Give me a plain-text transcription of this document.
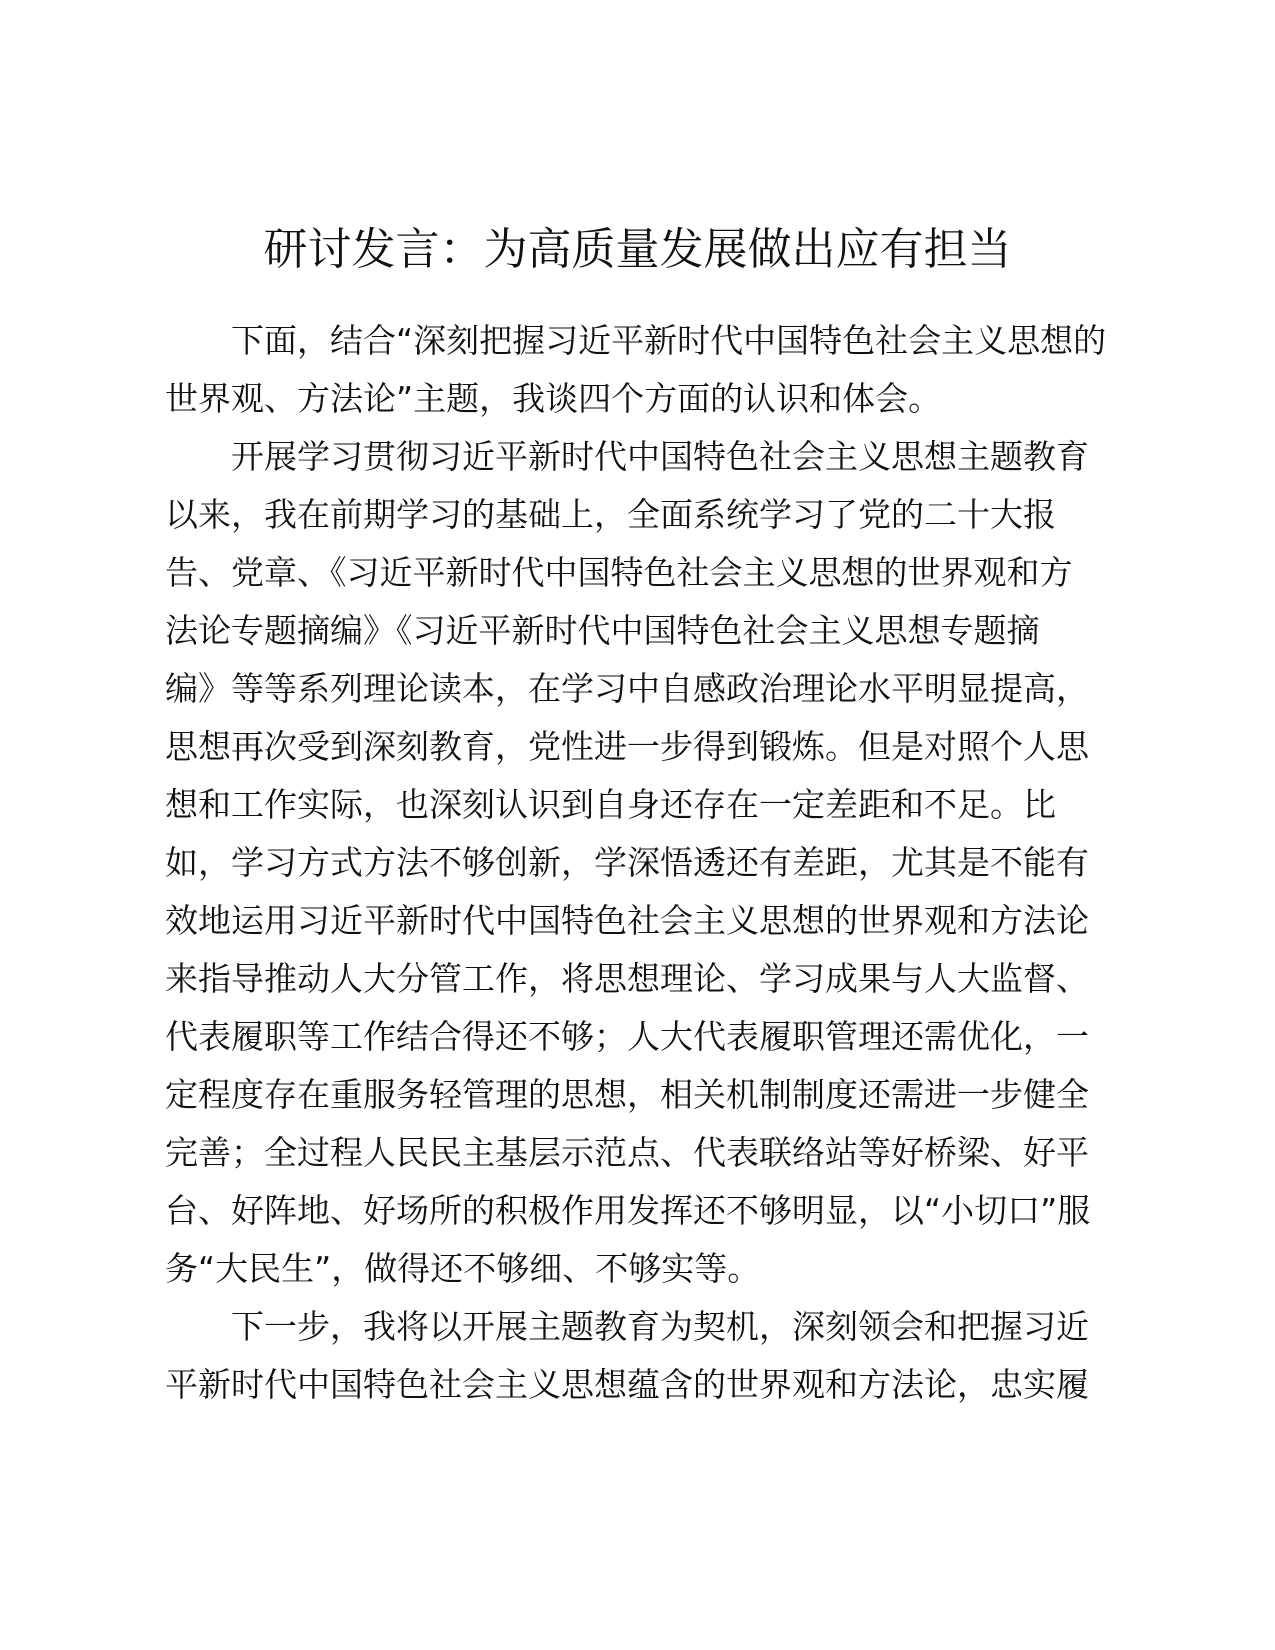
研讨发言：为高质量发展做出应有担当

下面，结合“深刻把握习近平新时代中国特色社会主义思想的
世界观、方法论”主题，我谈四个方面的认识和体会。

开展学习贯彻习近平新时代中国特色社会主义思想主题教育
以来，我在前期学习的基础上，全面系统学习了党的二十大报
告、党章、《习近平新时代中国特色社会主义思想的世界观和方
法论专题摘编》《习近平新时代中国特色社会主义思想专题摘
编》等等系列理论读本，在学习中自感政治理论水平明显提高，
思想再次受到深刻教育，党性进一步得到锻炼。但是对照个人思
想和工作实际，也深刻认识到自身还存在一定差距和不足。比
如，学习方式方法不够创新，学深悟透还有差距，尤其是不能有
效地运用习近平新时代中国特色社会主义思想的世界观和方法论
来指导推动人大分管工作，将思想理论、学习成果与人大监督、
代表履职等工作结合得还不够；人大代表履职管理还需优化，一
定程度存在重服务轻管理的思想，相关机制制度还需进一步健全
完善；全过程人民民主基层示范点、代表联络站等好桥梁、好平
台、好阵地、好场所的积极作用发挥还不够明显，以“小切口”服
务“大民生”，做得还不够细、不够实等。

下一步，我将以开展主题教育为契机，深刻领会和把握习近
平新时代中国特色社会主义思想蕴含的世界观和方法论，忠实履
